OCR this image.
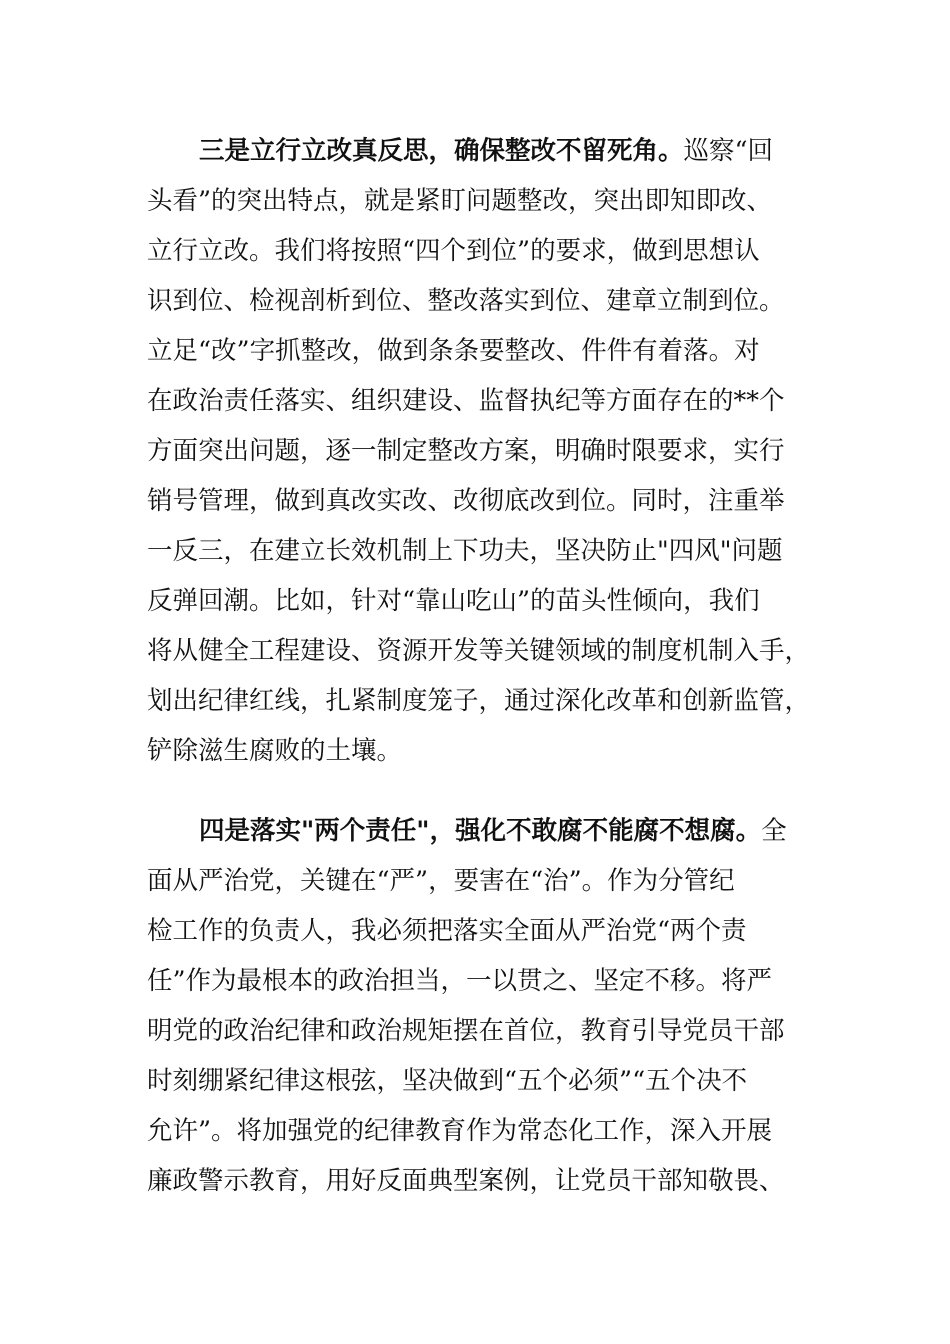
三是立行立改真反思，确保整改不留死角。巡察“回
头看”的突出特点，就是紧盯问题整改，突出即知即改、
立行立改。我们将按照“四个到位”的要求，做到思想认
识到位、检视剖析到位、整改落实到位、建章立制到位。
立足“改”字抓整改，做到条条要整改、件件有着落。对
在政治责任落实、组织建设、监督执纪等方面存在的**个
方面突出问题，逐一制定整改方案，明确时限要求，实行
销号管理，做到真改实改、改彻底改到位。同时，注重举
一反三，在建立长效机制上下功夫，坚决防止"四风"问题
反弹回潮。比如，针对“靠山吃山”的苗头性倾向，我们
将从健全工程建设、资源开发等关键领域的制度机制入手，
划出纪律红线，扎紧制度笼子，通过深化改革和创新监管，
铲除滋生腐败的土壤。
四是落实"两个责任"，强化不敢腐不能腐不想腐。全
面从严治党，关键在“严”，要害在“治”。作为分管纪
检工作的负责人，我必须把落实全面从严治党“两个责
任”作为最根本的政治担当，一以贯之、坚定不移。将严
明党的政治纪律和政治规矩摆在首位，教育引导党员干部
时刻绷紧纪律这根弦，坚决做到“五个必须”“五个决不
允许”。将加强党的纪律教育作为常态化工作，深入开展
廉政警示教育，用好反面典型案例，让党员干部知敬畏、
